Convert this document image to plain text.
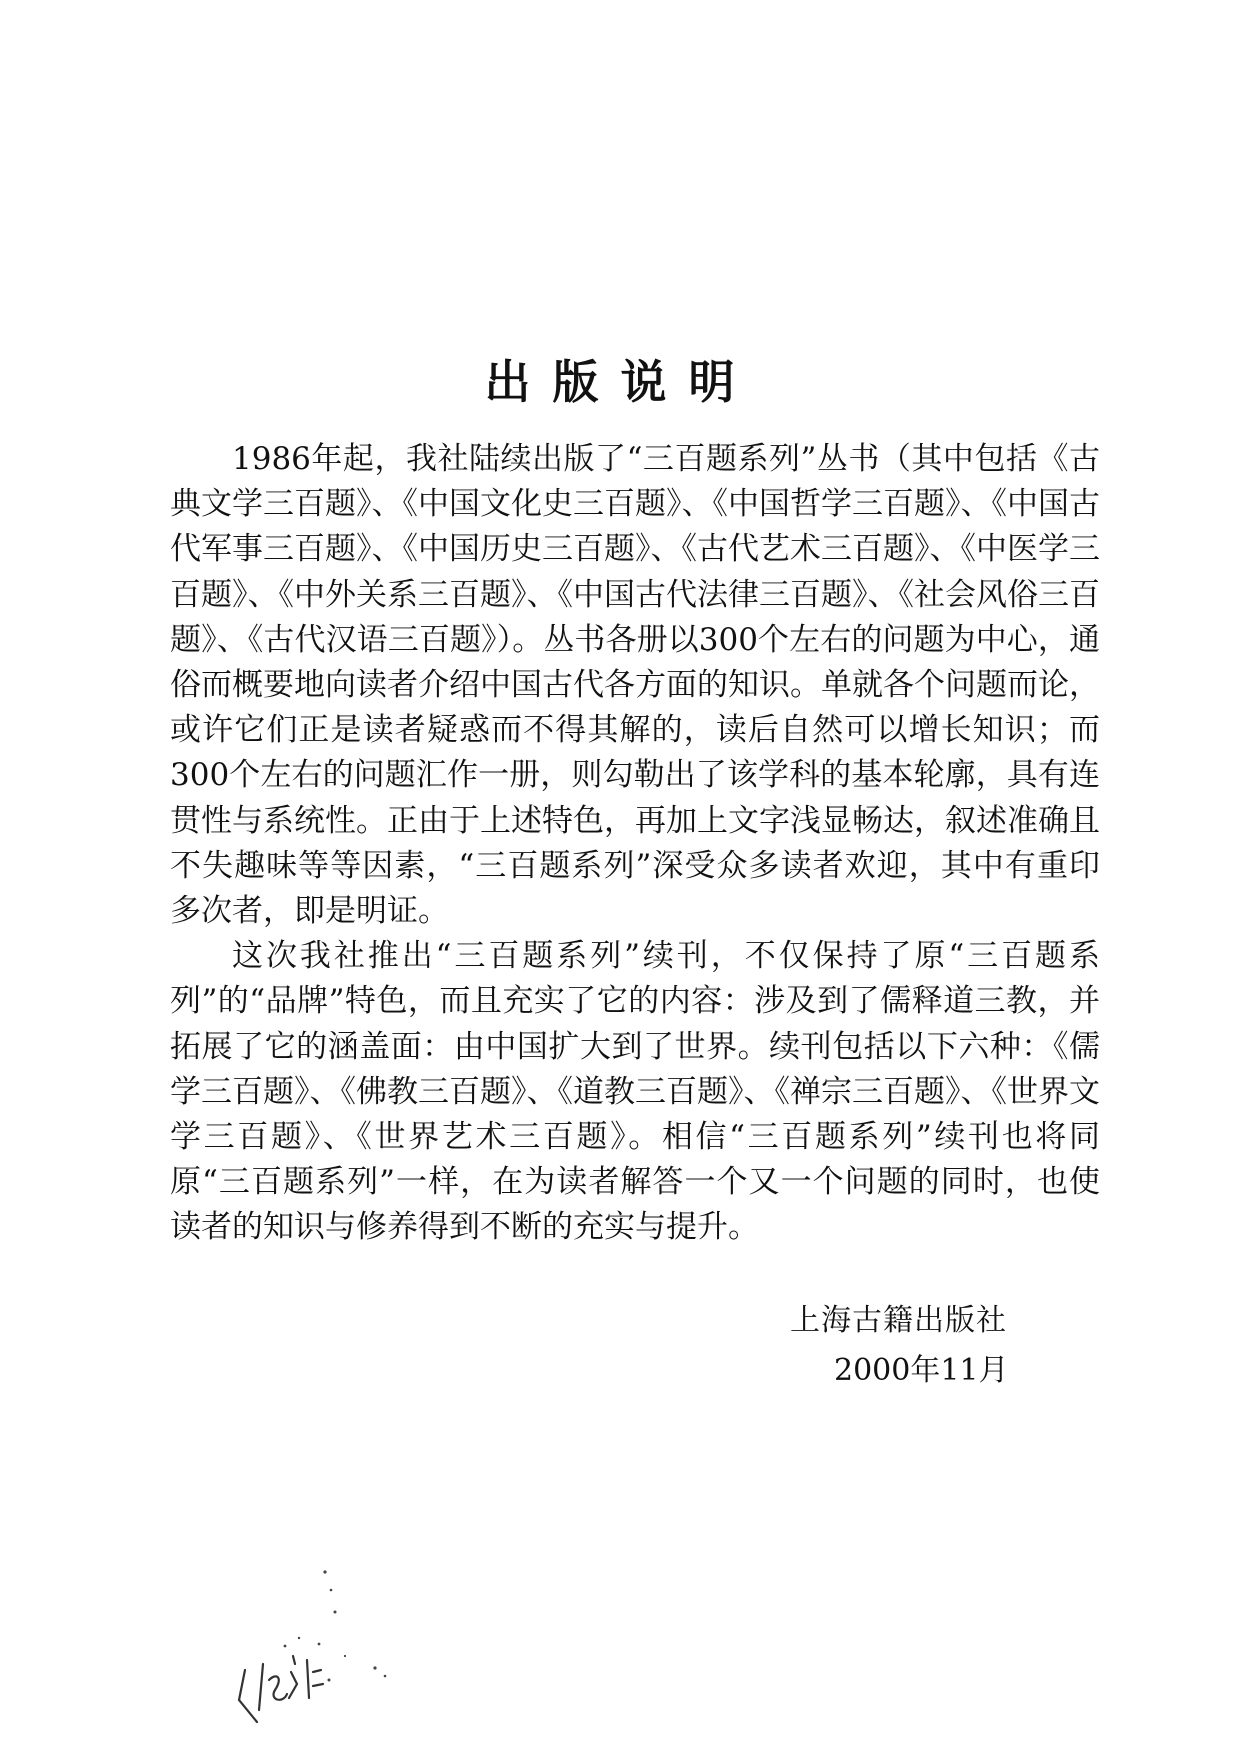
出版说明

1986年起，我社陆续出版了“三百题系列”丛书（其中包括《古典文学三百题》、《中国文化史三百题》、《中国哲学三百题》、《中国古代军事三百题》、《中国历史三百题》、《古代艺术三百题》、《中医学三百题》、《中外关系三百题》、《中国古代法律三百题》、《社会风俗三百题》、《古代汉语三百题》）。丛书各册以300个左右的问题为中心，通俗而概要地向读者介绍中国古代各方面的知识。单就各个问题而论，或许它们正是读者疑惑而不得其解的，读后自然可以增长知识；而300个左右的问题汇作一册，则勾勒出了该学科的基本轮廓，具有连贯性与系统性。正由于上述特色，再加上文字浅显畅达，叙述准确且不失趣味等等因素，“三百题系列”深受众多读者欢迎，其中有重印多次者，即是明证。

这次我社推出“三百题系列”续刊，不仅保持了原“三百题系列”的“品牌”特色，而且充实了它的内容：涉及到了儒释道三教，并拓展了它的涵盖面：由中国扩大到了世界。续刊包括以下六种：《儒学三百题》、《佛教三百题》、《道教三百题》、《禅宗三百题》、《世界文学三百题》、《世界艺术三百题》。相信“三百题系列”续刊也将同原“三百题系列”一样，在为读者解答一个又一个问题的同时，也使读者的知识与修养得到不断的充实与提升。

上海古籍出版社
2000年11月
